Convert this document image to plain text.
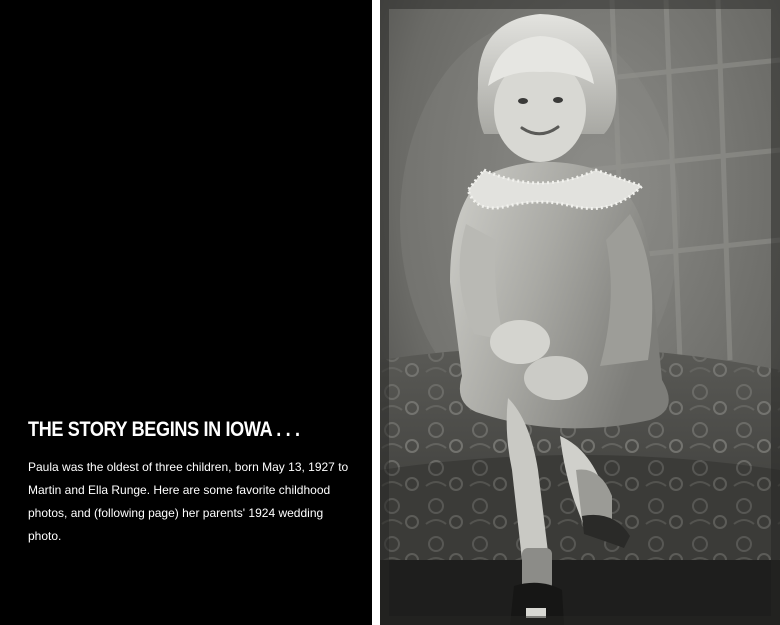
THE STORY BEGINS IN IOWA . . .

Paula was the oldest of three children, born May 13, 1927 to Martin and Ella Runge. Here are some favorite childhood photos, and (following page) her parents' 1924 wedding photo.
